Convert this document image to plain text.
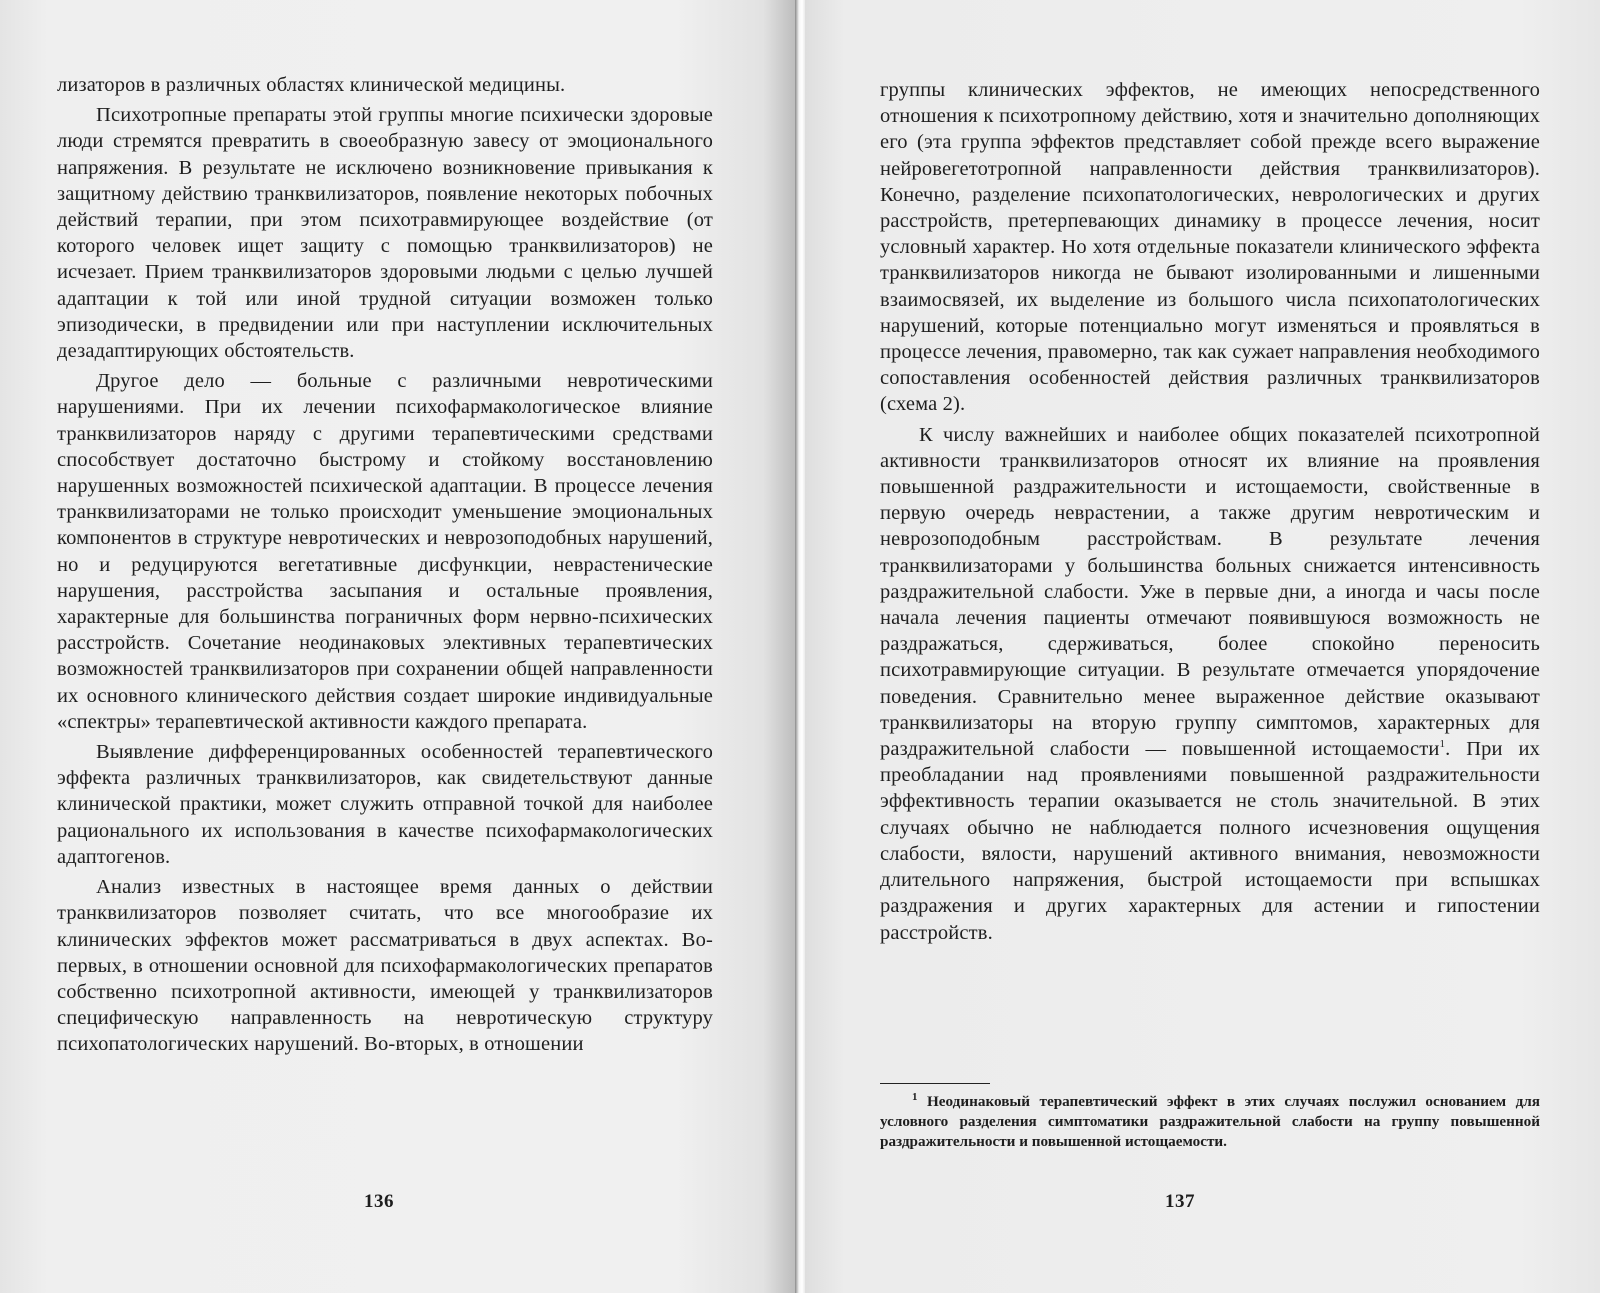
лизаторов в различных областях клинической медицины.

Психотропные препараты этой группы многие психически здоровые люди стремятся превратить в своеобразную завесу от эмоционального напряжения. В результате не исключено возникновение привыкания к защитному действию транквилизаторов, появление некоторых побочных действий терапии, при этом психотравмирующее воздействие (от которого человек ищет защиту с помощью транквилизаторов) не исчезает. Прием транквилизаторов здоровыми людьми с целью лучшей адаптации к той или иной трудной ситуации возможен только эпизодически, в предвидении или при наступлении исключительных дезадаптирующих обстоятельств.

Другое дело — больные с различными невротическими нарушениями. При их лечении психофармакологическое влияние транквилизаторов наряду с другими терапевтическими средствами способствует достаточно быстрому и стойкому восстановлению нарушенных возможностей психической адаптации. В процессе лечения транквилизаторами не только происходит уменьшение эмоциональных компонентов в структуре невротических и неврозоподобных нарушений, но и редуцируются вегетативные дисфункции, неврастенические нарушения, расстройства засыпания и остальные проявления, характерные для большинства пограничных форм нервно-психических расстройств. Сочетание неодинаковых элективных терапевтических возможностей транквилизаторов при сохранении общей направленности их основного клинического действия создает широкие индивидуальные «спектры» терапевтической активности каждого препарата.

Выявление дифференцированных особенностей терапевтического эффекта различных транквилизаторов, как свидетельствуют данные клинической практики, может служить отправной точкой для наиболее рационального их использования в качестве психофармакологических адаптогенов.

Анализ известных в настоящее время данных о действии транквилизаторов позволяет считать, что все многообразие их клинических эффектов может рассматриваться в двух аспектах. Во-первых, в отношении основной для психофармакологических препаратов собственно психотропной активности, имеющей у транквилизаторов специфическую направленность на невротическую структуру психопатологических нарушений. Во-вторых, в отношении

136

группы клинических эффектов, не имеющих непосредственного отношения к психотропному действию, хотя и значительно дополняющих его (эта группа эффектов представляет собой прежде всего выражение нейровегетотропной направленности действия транквилизаторов). Конечно, разделение психопатологических, неврологических и других расстройств, претерпевающих динамику в процессе лечения, носит условный характер. Но хотя отдельные показатели клинического эффекта транквилизаторов никогда не бывают изолированными и лишенными взаимосвязей, их выделение из большого числа психопатологических нарушений, которые потенциально могут изменяться и проявляться в процессе лечения, правомерно, так как сужает направления необходимого сопоставления особенностей действия различных транквилизаторов (схема 2).

К числу важнейших и наиболее общих показателей психотропной активности транквилизаторов относят их влияние на проявления повышенной раздражительности и истощаемости, свойственные в первую очередь неврастении, а также другим невротическим и неврозоподобным расстройствам. В результате лечения транквилизаторами у большинства больных снижается интенсивность раздражительной слабости. Уже в первые дни, а иногда и часы после начала лечения пациенты отмечают появившуюся возможность не раздражаться, сдерживаться, более спокойно переносить психотравмирующие ситуации. В результате отмечается упорядочение поведения. Сравнительно менее выраженное действие оказывают транквилизаторы на вторую группу симптомов, характерных для раздражительной слабости — повышенной истощаемости$^1$. При их преобладании над проявлениями повышенной раздражительности эффективность терапии оказывается не столь значительной. В этих случаях обычно не наблюдается полного исчезновения ощущения слабости, вялости, нарушений активного внимания, невозможности длительного напряжения, быстрой истощаемости при вспышках раздражения и других характерных для астении и гипостении расстройств.

$^1$ Неодинаковый терапевтический эффект в этих случаях послужил основанием для условного разделения симптоматики раздражительной слабости на группу повышенной раздражительности и повышенной истощаемости.

137
